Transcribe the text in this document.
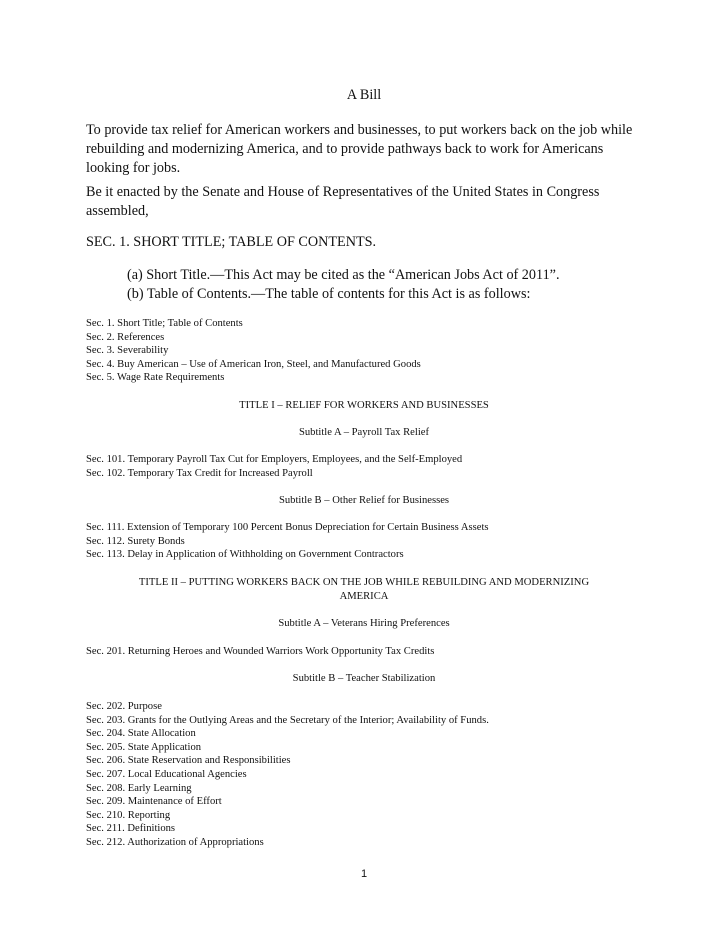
A Bill
To provide tax relief for American workers and businesses, to put workers back on the job while
rebuilding and modernizing America, and to provide pathways back to work for Americans
looking for jobs.
Be it enacted by the Senate and House of Representatives of the United States in Congress
assembled,
SEC. 1. SHORT TITLE; TABLE OF CONTENTS.
(a) Short Title.—This Act may be cited as the “American Jobs Act of 2011”.
(b) Table of Contents.—The table of contents for this Act is as follows:
Sec. 1. Short Title; Table of Contents
Sec. 2. References
Sec. 3. Severability
Sec. 4. Buy American – Use of American Iron, Steel, and Manufactured Goods
Sec. 5. Wage Rate Requirements
TITLE I – RELIEF FOR WORKERS AND BUSINESSES
Subtitle A – Payroll Tax Relief
Sec. 101. Temporary Payroll Tax Cut for Employers, Employees, and the Self-Employed
Sec. 102. Temporary Tax Credit for Increased Payroll
Subtitle B – Other Relief for Businesses
Sec. 111. Extension of Temporary 100 Percent Bonus Depreciation for Certain Business Assets
Sec. 112. Surety Bonds
Sec. 113. Delay in Application of Withholding on Government Contractors
TITLE II – PUTTING WORKERS BACK ON THE JOB WHILE REBUILDING AND MODERNIZING
AMERICA
Subtitle A – Veterans Hiring Preferences
Sec. 201. Returning Heroes and Wounded Warriors Work Opportunity Tax Credits
Subtitle B – Teacher Stabilization
Sec. 202. Purpose
Sec. 203. Grants for the Outlying Areas and the Secretary of the Interior; Availability of Funds.
Sec. 204. State Allocation
Sec. 205. State Application
Sec. 206. State Reservation and Responsibilities
Sec. 207. Local Educational Agencies
Sec. 208. Early Learning
Sec. 209. Maintenance of Effort
Sec. 210. Reporting
Sec. 211. Definitions
Sec. 212. Authorization of Appropriations
1
